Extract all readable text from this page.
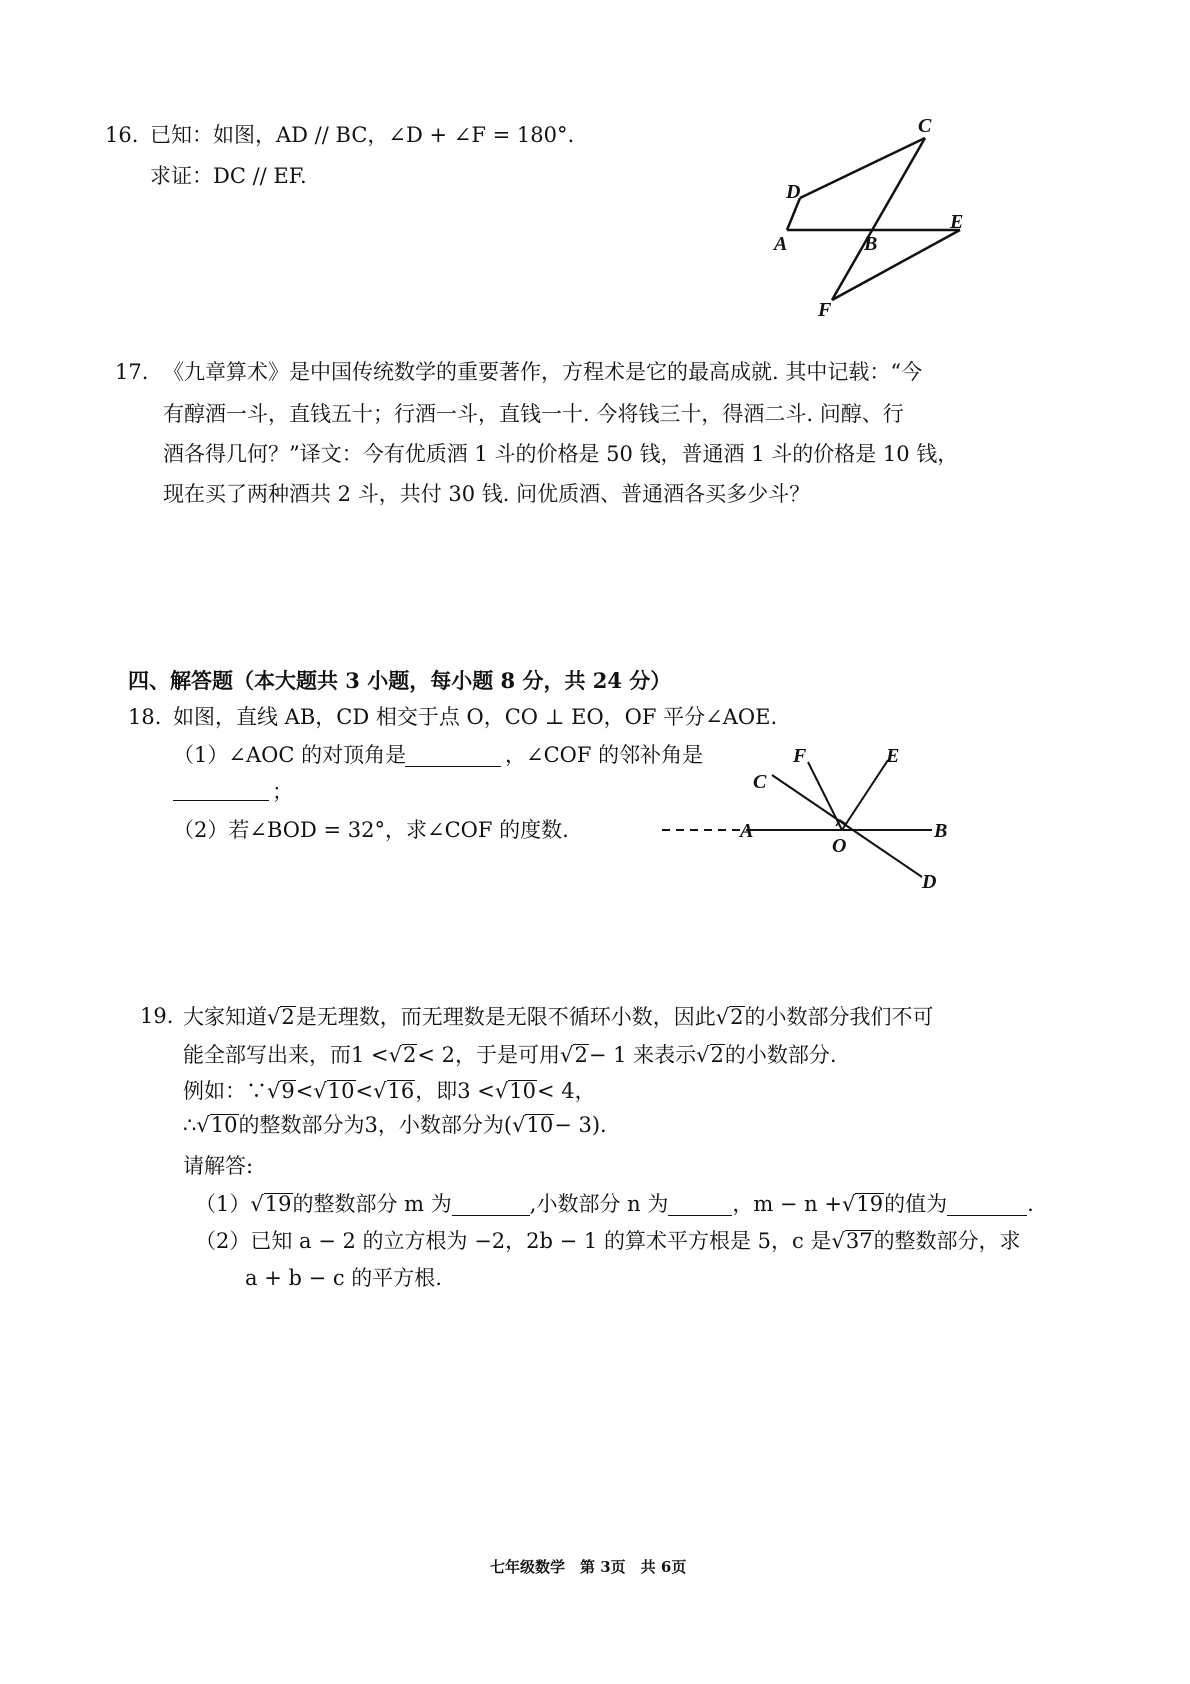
16. 已知：如图，AD // BC，∠D + ∠F = 180°.
求证：DC // EF.
C
D
E
A	B
F
17. 《九章算术》是中国传统数学的重要著作，方程术是它的最高成就. 其中记载：“今
有醇酒一斗，直钱五十；行酒一斗，直钱一十. 今将钱三十，得酒二斗. 问醇、行
酒各得几何？”译文：今有优质酒 1 斗的价格是 50 钱，普通酒 1 斗的价格是 10 钱，
现在买了两种酒共 2 斗，共付 30 钱. 问优质酒、普通酒各买多少斗？
四、解答题（本大题共 3 小题，每小题 8 分，共 24 分）
18. 如图，直线 AB，CD 相交于点 O，CO ⊥ EO，OF 平分∠AOE.
（1）∠AOC 的对顶角是	，∠COF 的邻补角是
；
（2）若∠BOD = 32°，求∠COF 的度数.
F	E
C
A	B
O
D
19. 大家知道√2是无理数，而无理数是无限不循环小数，因此√2的小数部分我们不可
能全部写出来，而1 <√2< 2，于是可用√2− 1 来表示√2的小数部分.
例如：∵√9<√10<√16，即3 <√10< 4，
∴√10的整数部分为3，小数部分为(√10− 3).
请解答:
（1）√19的整数部分 m 为	,小数部分 n 为	，m − n +√19的值为	.
（2）已知 a − 2 的立方根为 −2，2b − 1 的算术平方根是 5，c 是√37的整数部分，求
a + b − c 的平方根.
七年级数学　第 3页　共 6页
